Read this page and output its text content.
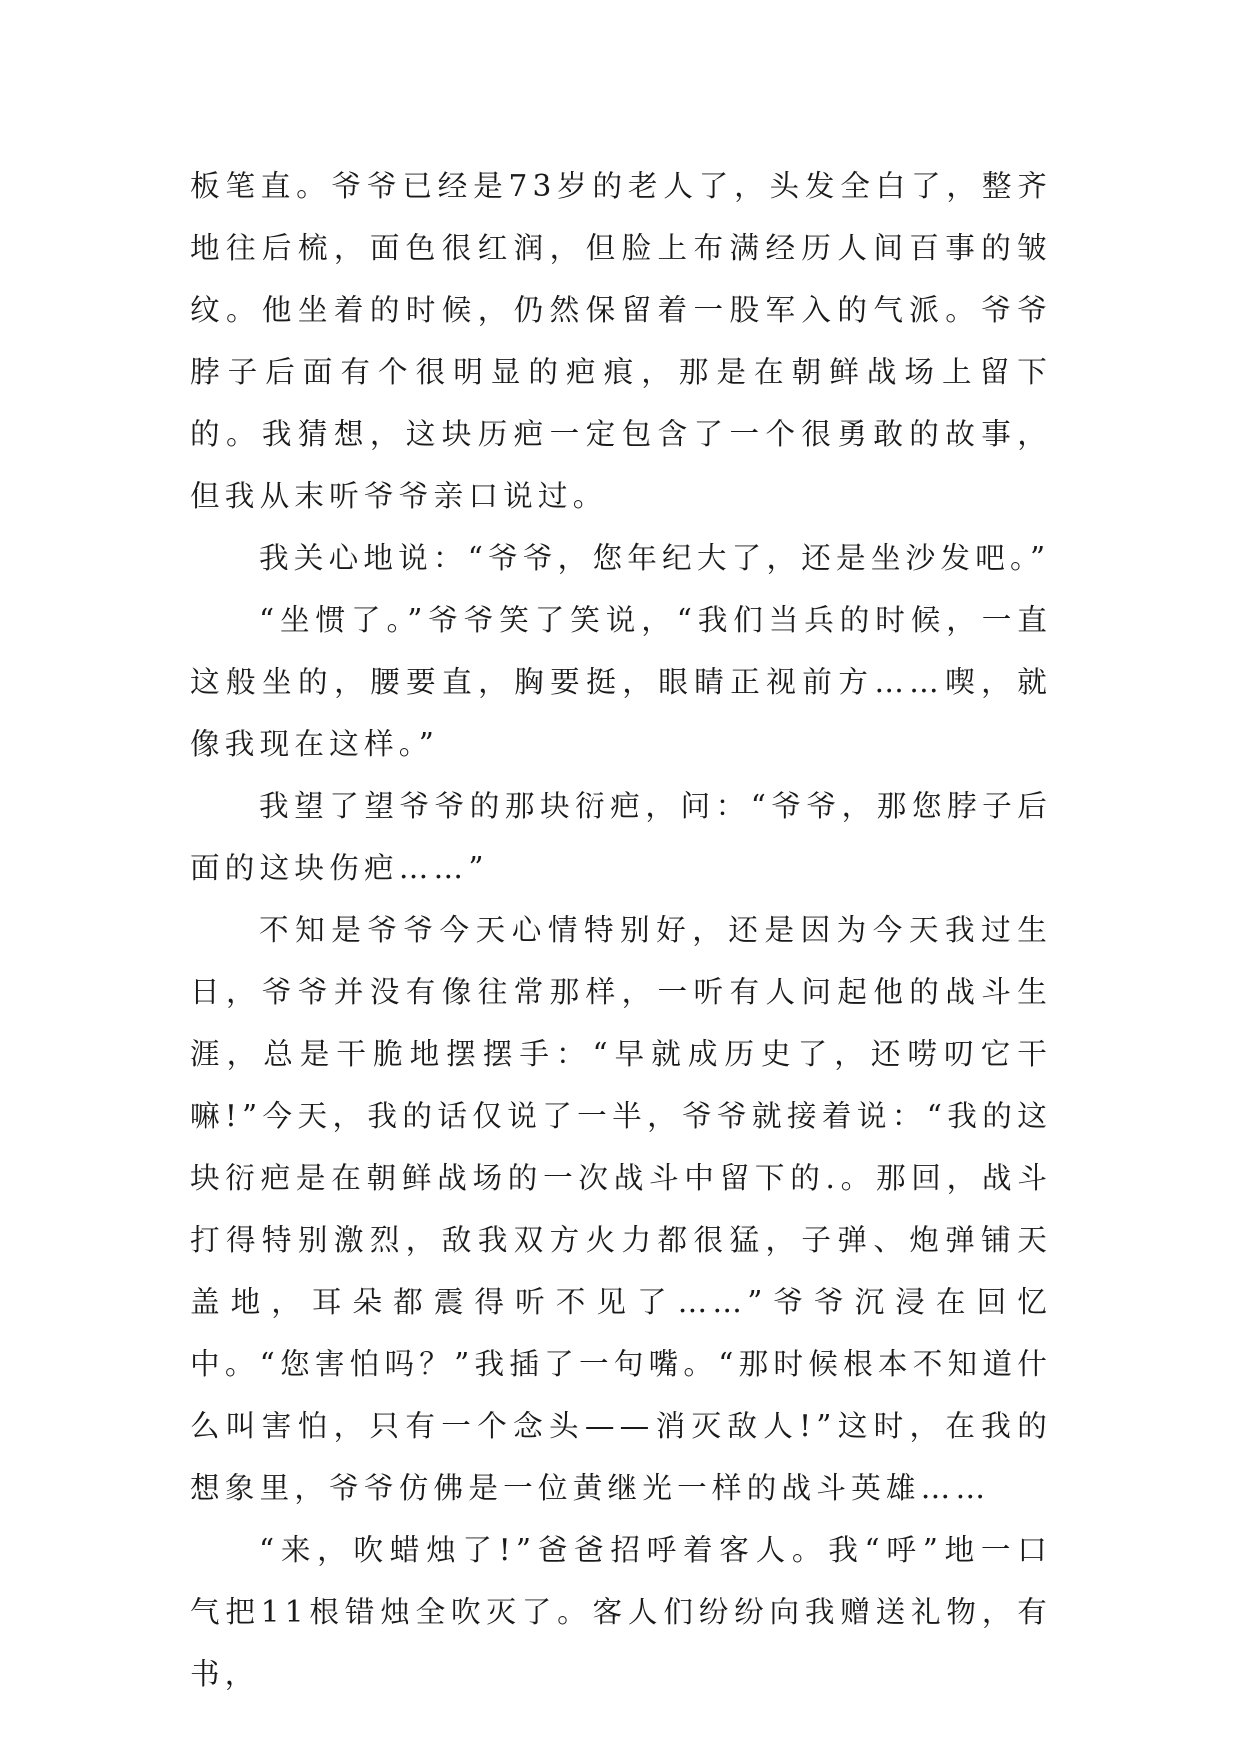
板笔直。爷爷已经是73岁的老人了，头发全白了，整齐地往后梳，面色很红润，但脸上布满经历人间百事的皱纹。他坐着的时候，仍然保留着一股军入的气派。爷爷脖子后面有个很明显的疤痕，那是在朝鲜战场上留下的。我猜想，这块历疤一定包含了一个很勇敢的故事，但我从末听爷爷亲口说过。

我关心地说：“爷爷，您年纪大了，还是坐沙发吧。”

“坐惯了。”爷爷笑了笑说，“我们当兵的时候，一直这般坐的，腰要直，胸要挺，眼睛正视前方……喫，就像我现在这样。”

我望了望爷爷的那块衍疤，问：“爷爷，那您脖子后面的这块伤疤……”

不知是爷爷今天心情特别好，还是因为今天我过生日，爷爷并没有像往常那样，一听有人问起他的战斗生涯，总是干脆地摆摆手：“早就成历史了，还唠叨它干嘛!”今天，我的话仅说了一半，爷爷就接着说：“我的这块衍疤是在朝鲜战场的一次战斗中留下的.。那回，战斗打得特别激烈，敌我双方火力都很猛，子弹、炮弹铺天盖地，耳朵都震得听不见了……”爷爷沉浸在回忆中。“您害怕吗？”我插了一句嘴。“那时候根本不知道什么叫害怕，只有一个念头——消灭敌人!”这时，在我的想象里，爷爷仿佛是一位黄继光一样的战斗英雄……

“来，吹蜡烛了!”爸爸招呼着客人。我“呼”地一口气把11根错烛全吹灭了。客人们纷纷向我赠送礼物，有书，
